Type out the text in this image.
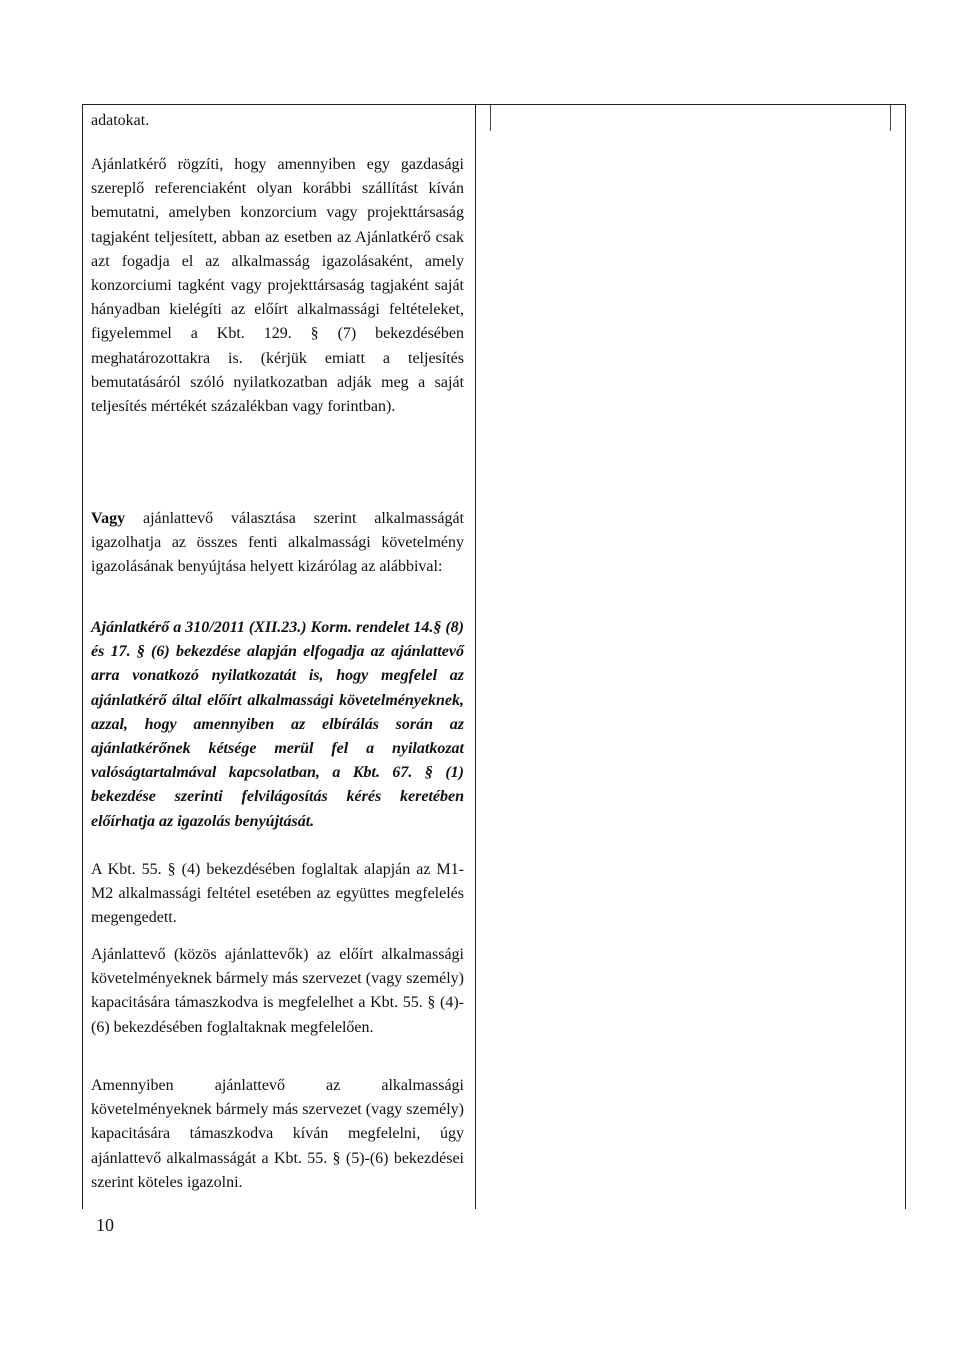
adatokat.

Ajánlatkérő rögzíti, hogy amennyiben egy gazdasági szereplő referenciaként olyan korábbi szállítást kíván bemutatni, amelyben konzorcium vagy projekttársaság tagjaként teljesített, abban az esetben az Ajánlatkérő csak azt fogadja el az alkalmasság igazolásaként, amely konzorciumi tagként vagy projekttársaság tagjaként saját hányadban kielégíti az előírt alkalmassági feltételeket, figyelemmel a Kbt. 129. § (7) bekezdésében meghatározottakra is. (kérjük emiatt a teljesítés bemutatásáról szóló nyilatkozatban adják meg a saját teljesítés mértékét százalékban vagy forintban).

Vagy ajánlattevő választása szerint alkalmasságát igazolhatja az összes fenti alkalmassági követelmény igazolásának benyújtása helyett kizárólag az alábbival:

Ajánlatkérő a 310/2011 (XII.23.) Korm. rendelet 14.§ (8) és 17. § (6) bekezdése alapján elfogadja az ajánlattevő arra vonatkozó nyilatkozatát is, hogy megfelel az ajánlatkérő által előírt alkalmassági követelményeknek, azzal, hogy amennyiben az elbírálás során az ajánlatkérőnek kétsége merül fel a nyilatkozat valóságtartalmával kapcsolatban, a Kbt. 67. § (1) bekezdése szerinti felvilágosítás kérés keretében előírhatja az igazolás benyújtását.

A Kbt. 55. § (4) bekezdésében foglaltak alapján az M1-M2 alkalmassági feltétel esetében az együttes megfelelés megengedett.

Ajánlattevő (közös ajánlattevők) az előírt alkalmassági követelményeknek bármely más szervezet (vagy személy) kapacitására támaszkodva is megfelelhet a Kbt. 55. § (4)-(6) bekezdésében foglaltaknak megfelelően.

Amennyiben ajánlattevő az alkalmassági követelményeknek bármely más szervezet (vagy személy) kapacitására támaszkodva kíván megfelelni, úgy ajánlattevő alkalmasságát a Kbt. 55. § (5)-(6) bekezdései szerint köteles igazolni.

10
